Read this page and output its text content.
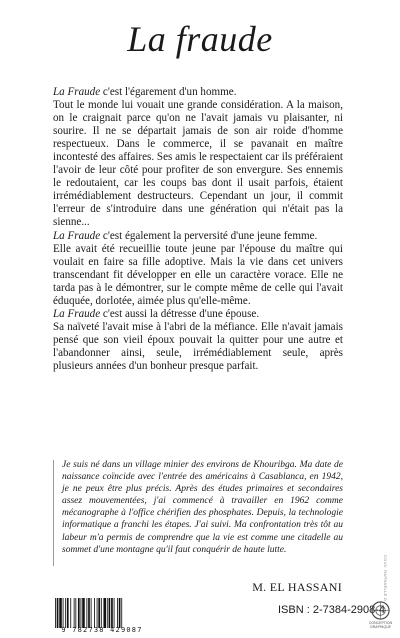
La fraude

La Fraude c'est l'égarement d'un homme.

Tout le monde lui vouait une grande considération. A la maison, on le craignait parce qu'on ne l'avait jamais vu plaisanter, ni sourire. Il ne se départait jamais de son air roide d'homme respectueux. Dans le commerce, il se pavanait en maître incontesté des affaires. Ses amis le respectaient car ils préféraient l'avoir de leur côté pour profiter de son envergure. Ses ennemis le redoutaient, car les coups bas dont il usait parfois, étaient irrémédiablement destructeurs. Cependant un jour, il commit l'erreur de s'introduire dans une génération qui n'était pas la sienne...

La Fraude c'est également la perversité d'une jeune femme.

Elle avait été recueillie toute jeune par l'épouse du maître qui voulait en faire sa fille adoptive. Mais la vie dans cet univers transcendant fit développer en elle un caractère vorace. Elle ne tarda pas à le démontrer, sur le compte même de celle qui l'avait éduquée, dorlotée, aimée plus qu'elle-même.

La Fraude c'est aussi la détresse d'une épouse.

Sa naïveté l'avait mise à l'abri de la méfiance. Elle n'avait jamais pensé que son vieil époux pouvait la quitter pour une autre et l'abandonner ainsi, seule, irrémédiablement seule, après plusieurs années d'un bonheur presque parfait.

Je suis né dans un village minier des environs de Khouribga. Ma date de naissance coïncide avec l'entrée des américains à Casablanca, en 1942, je ne peux être plus précis. Après des études primaires et secondaires assez mouvementées, j'ai commencé à travailler en 1962 comme mécanographe à l'office chérifien des phosphates. Depuis, la technologie informatique a franchi les étapes. J'ai suivi. Ma confrontation très tôt au labeur m'a permis de comprendre que la vie est comme une citadelle au sommet d'une montagne qu'il faut conquérir de haute lutte.

M. EL HASSANI

9 782738 429087
ISBN : 2-7384-2908-4
COUV. RAPHAËLLE D.
CONCEPTION GRAPHIQUE
